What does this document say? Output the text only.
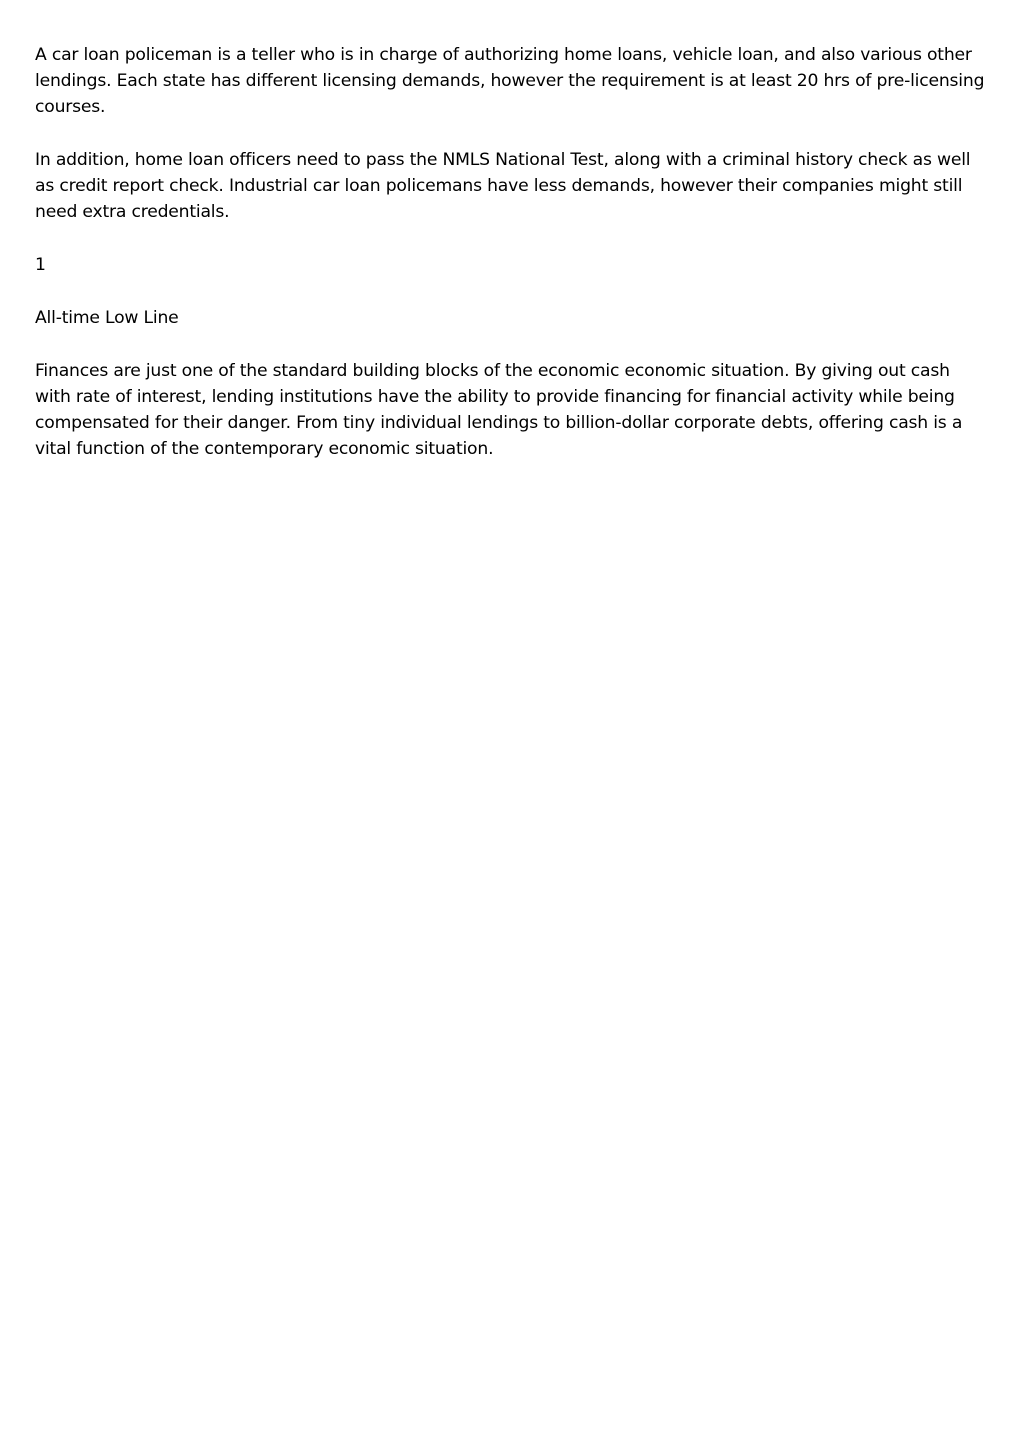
A car loan policeman is a teller who is in charge of authorizing home loans, vehicle loan, and also various other lendings. Each state has different licensing demands, however the requirement is at least 20 hrs of pre-licensing courses.

In addition, home loan officers need to pass the NMLS National Test, along with a criminal history check as well as credit report check. Industrial car loan policemans have less demands, however their companies might still need extra credentials.

1

All-time Low Line

Finances are just one of the standard building blocks of the economic economic situation. By giving out cash with rate of interest, lending institutions have the ability to provide financing for financial activity while being compensated for their danger. From tiny individual lendings to billion-dollar corporate debts, offering cash is a vital function of the contemporary economic situation.
